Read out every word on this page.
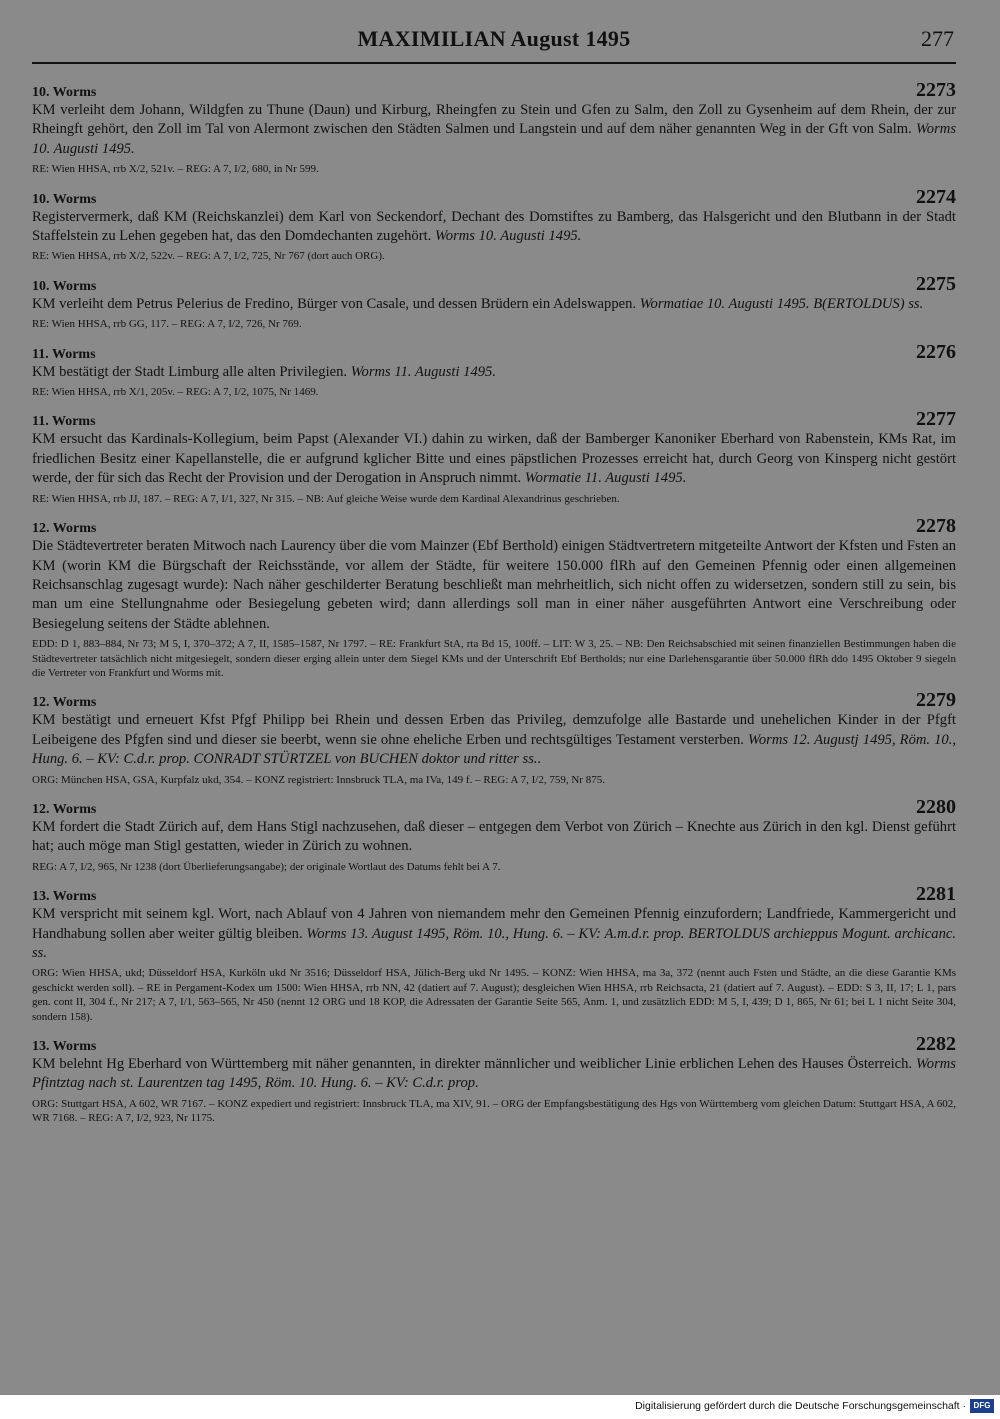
MAXIMILIAN August 1495	277
10. Worms	2273

KM verleiht dem Johann, Wildgfen zu Thune (Daun) und Kirburg, Rheingfen zu Stein und Gfen zu Salm, den Zoll zu Gysenheim auf dem Rhein, der zur Rheingft gehört, den Zoll im Tal von Alermont zwischen den Städten Salmen und Langstein und auf dem näher genannten Weg in der Gft von Salm. Worms 10. Augusti 1495.

RE: Wien HHSA, rrb X/2, 521v. – REG: A 7, I/2, 680, in Nr 599.

10. Worms	2274

Registervermerk, daß KM (Reichskanzlei) dem Karl von Seckendorf, Dechant des Domstiftes zu Bamberg, das Halsgericht und den Blutbann in der Stadt Staffelstein zu Lehen gegeben hat, das den Domdechanten zugehört. Worms 10. Augusti 1495.

RE: Wien HHSA, rrb X/2, 522v. – REG: A 7, I/2, 725, Nr 767 (dort auch ORG).

10. Worms	2275

KM verleiht dem Petrus Pelerius de Fredino, Bürger von Casale, und dessen Brüdern ein Adelswappen. Wormatiae 10. Augusti 1495. B(ERTOLDUS) ss.

RE: Wien HHSA, rrb GG, 117. – REG: A 7, I/2, 726, Nr 769.

11. Worms	2276

KM bestätigt der Stadt Limburg alle alten Privilegien. Worms 11. Augusti 1495.

RE: Wien HHSA, rrb X/1, 205v. – REG: A 7, I/2, 1075, Nr 1469.

11. Worms	2277

KM ersucht das Kardinals-Kollegium, beim Papst (Alexander VI.) dahin zu wirken, daß der Bamberger Kanoniker Eberhard von Rabenstein, KMs Rat, im friedlichen Besitz einer Kapellanstelle, die er aufgrund kglicher Bitte und eines päpstlichen Prozesses erreicht hat, durch Georg von Kinsperg nicht gestört werde, der für sich das Recht der Provision und der Derogation in Anspruch nimmt. Wormatie 11. Augusti 1495.

RE: Wien HHSA, rrb JJ, 187. – REG: A 7, I/1, 327, Nr 315. – NB: Auf gleiche Weise wurde dem Kardinal Alexandrinus geschrieben.

12. Worms	2278

Die Städtevertreter beraten Mitwoch nach Laurency über die vom Mainzer (Ebf Berthold) einigen Städtvertretern mitgeteilte Antwort der Kfsten und Fsten an KM (worin KM die Bürgschaft der Reichsstände, vor allem der Städte, für weitere 150.000 flRh auf den Gemeinen Pfennig oder einen allgemeinen Reichsanschlag zugesagt wurde): Nach näher geschilderter Beratung beschließt man mehrheitlich, sich nicht offen zu widersetzen, sondern still zu sein, bis man um eine Stellungnahme oder Besiegelung gebeten wird; dann allerdings soll man in einer näher ausgeführten Antwort eine Verschreibung oder Besiegelung seitens der Städte ablehnen.

EDD: D 1, 883–884, Nr 73; M 5, I, 370–372; A 7, II, 1585–1587, Nr 1797. – RE: Frankfurt StA, rta Bd 15, 100ff. – LIT: W 3, 25. – NB: Den Reichsabschied mit seinen finanziellen Bestimmungen haben die Städtevertreter tatsächlich nicht mitgesiegelt, sondern dieser erging allein unter dem Siegel KMs und der Unterschrift Ebf Bertholds; nur eine Darlehensgarantie über 50.000 flRh ddo 1495 Oktober 9 siegeln die Vertreter von Frankfurt und Worms mit.

12. Worms	2279

KM bestätigt und erneuert Kfst Pfgf Philipp bei Rhein und dessen Erben das Privileg, demzufolge alle Bastarde und unehelichen Kinder in der Pfgft Leibeigene des Pfgfen sind und dieser sie beerbt, wenn sie ohne eheliche Erben und rechtsgültiges Testament versterben. Worms 12. Augustj 1495, Röm. 10., Hung. 6. – KV: C.d.r. prop. CONRADT STÜRTZEL von BUCHEN doktor und ritter ss..

ORG: München HSA, GSA, Kurpfalz ukd, 354. – KONZ registriert: Innsbruck TLA, ma IVa, 149 f. – REG: A 7, I/2, 759, Nr 875.

12. Worms	2280

KM fordert die Stadt Zürich auf, dem Hans Stigl nachzusehen, daß dieser – entgegen dem Verbot von Zürich – Knechte aus Zürich in den kgl. Dienst geführt hat; auch möge man Stigl gestatten, wieder in Zürich zu wohnen.

REG: A 7, I/2, 965, Nr 1238 (dort Überlieferungsangabe); der originale Wortlaut des Datums fehlt bei A 7.

13. Worms	2281

KM verspricht mit seinem kgl. Wort, nach Ablauf von 4 Jahren von niemandem mehr den Gemeinen Pfennig einzufordern; Landfriede, Kammergericht und Handhabung sollen aber weiter gültig bleiben. Worms 13. August 1495, Röm. 10., Hung. 6. – KV: A.m.d.r. prop. BERTOLDUS archieppus Mogunt. archicanc. ss.

ORG: Wien HHSA, ukd; Düsseldorf HSA, Kurköln ukd Nr 3516; Düsseldorf HSA, Jülich-Berg ukd Nr 1495. – KONZ: Wien HHSA, ma 3a, 372 (nennt auch Fsten und Städte, an die diese Garantie KMs geschickt werden soll). – RE in Pergament-Kodex um 1500: Wien HHSA, rrb NN, 42 (datiert auf 7. August); desgleichen Wien HHSA, rrb Reichsacta, 21 (datiert auf 7. August). – EDD: S 3, II, 17; L 1, pars gen. cont II, 304 f., Nr 217; A 7, I/1, 563–565, Nr 450 (nennt 12 ORG und 18 KOP, die Adressaten der Garantie Seite 565, Anm. 1, und zusätzlich EDD: M 5, I, 439; D 1, 865, Nr 61; bei L 1 nicht Seite 304, sondern 158).

13. Worms	2282

KM belehnt Hg Eberhard von Württemberg mit näher genannten, in direkter männlicher und weiblicher Linie erblichen Lehen des Hauses Österreich. Worms Pfintztag nach st. Laurentzen tag 1495, Röm. 10. Hung. 6. – KV: C.d.r. prop.

ORG: Stuttgart HSA, A 602, WR 7167. – KONZ expediert und registriert: Innsbruck TLA, ma XIV, 91. – ORG der Empfangsbestätigung des Hgs von Württemberg vom gleichen Datum: Stuttgart HSA, A 602, WR 7168. – REG: A 7, I/2, 923, Nr 1175.

Digitalisierung gefördert durch die Deutsche Forschungsgemeinschaft · DFG
